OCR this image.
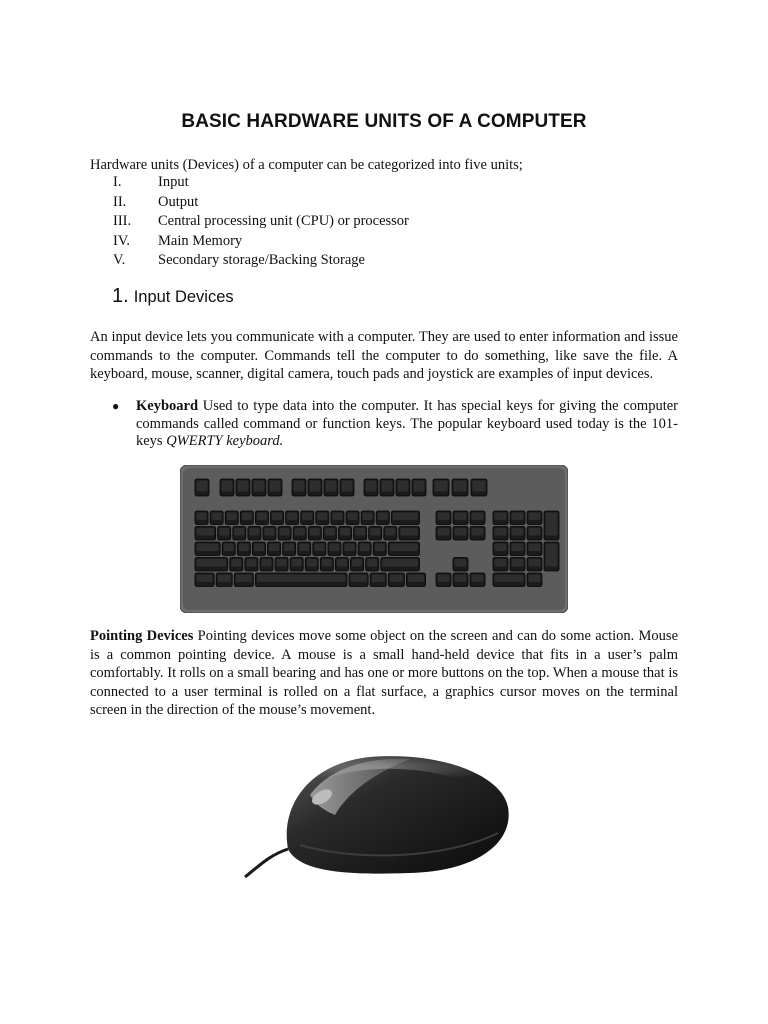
BASIC HARDWARE UNITS OF A COMPUTER

Hardware units (Devices) of a computer can be categorized into five units;

I.	Input
II.	Output
III.	Central processing unit (CPU) or processor
IV.	Main Memory
V.	Secondary storage/Backing Storage
1. Input Devices

An input device lets you communicate with a computer. They are used to enter information and issue commands to the computer. Commands tell the computer to do something, like save the file. A keyboard, mouse, scanner, digital camera, touch pads and joystick are examples of input devices.

●	Keyboard Used to type data into the computer. It has special keys for giving the computer commands called command or function keys. The popular keyboard used today is the 101-keys QWERTY keyboard.

Pointing Devices Pointing devices move some object on the screen and can do some action. Mouse is a common pointing device. A mouse is a small hand-held device that fits in a user’s palm comfortably. It rolls on a small bearing and has one or more buttons on the top. When a mouse that is connected to a user terminal is rolled on a flat surface, a graphics cursor moves on the terminal screen in the direction of the mouse’s movement.
